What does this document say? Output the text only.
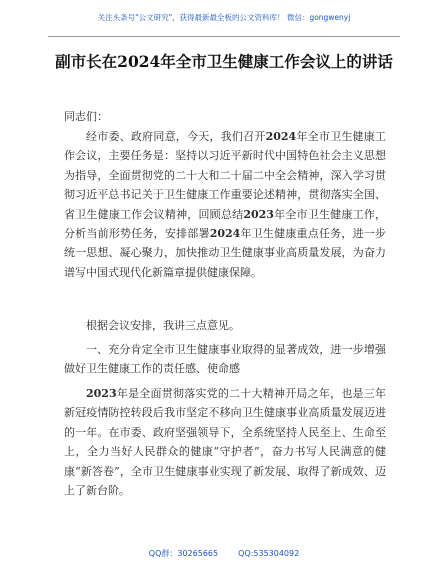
关注头条号"公文研究"，获得最新最全板的公文资料库！ 微信：gongwenyj
副市长在2024年全市卫生健康工作会议上的讲话
同志们：
经市委、政府同意，今天，我们召开2024年全市卫生健康工作会议，主要任务是：坚持以习近平新时代中国特色社会主义思想为指导，全面贯彻党的二十大和二十届二中全会精神，深入学习贯彻习近平总书记关于卫生健康工作重要论述精神，贯彻落实全国、省卫生健康工作会议精神，回顾总结2023年全市卫生健康工作，分析当前形势任务，安排部署2024年卫生健康重点任务，进一步统一思想、凝心聚力，加快推动卫生健康事业高质量发展，为奋力谱写中国式现代化新篇章提供健康保障。
根据会议安排，我讲三点意见。
一、充分肯定全市卫生健康事业取得的显著成效，进一步增强做好卫生健康工作的责任感、使命感
2023年是全面贯彻落实党的二十大精神开局之年，也是三年新冠疫情防控转段后我市坚定不移向卫生健康事业高质量发展迈进的一年。在市委、政府坚强领导下，全系统坚持人民至上、生命至上，全力当好人民群众的健康“守护者”，奋力书写人民满意的健康“新答卷”，全市卫生健康事业实现了新发展、取得了新成效、迈上了新台阶。
QQ群：30265665	QQ:535304092
